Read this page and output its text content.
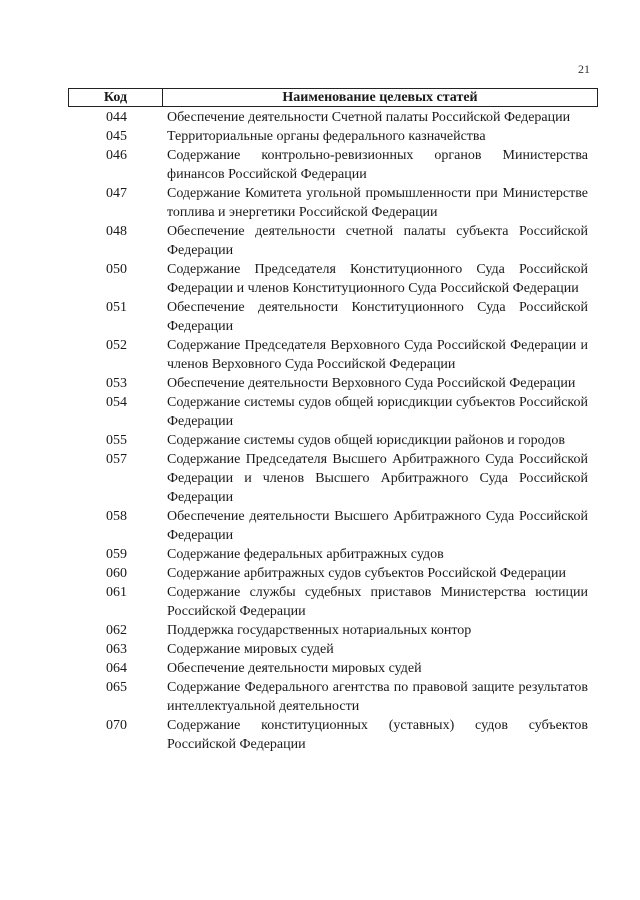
21
Код	Наименование целевых статей
044	Обеспечение деятельности Счетной палаты Российской Федерации
045	Территориальные органы федерального казначейства
046	Содержание контрольно-ревизионных органов Министерства финансов Российской Федерации
047	Содержание Комитета угольной промышленности при Министерстве топлива и энергетики Российской Федерации
048	Обеспечение деятельности счетной палаты субъекта Российской Федерации
050	Содержание Председателя Конституционного Суда Российской Федерации и членов Конституционного Суда Российской Федерации
051	Обеспечение деятельности Конституционного Суда Российской Федерации
052	Содержание Председателя Верховного Суда Российской Федерации и членов Верховного Суда Российской Федерации
053	Обеспечение деятельности Верховного Суда Российской Федерации
054	Содержание системы судов общей юрисдикции субъектов Российской Федерации
055	Содержание системы судов общей юрисдикции районов и городов
057	Содержание Председателя Высшего Арбитражного Суда Российской Федерации и членов Высшего Арбитражного Суда Российской Федерации
058	Обеспечение деятельности Высшего Арбитражного Суда Российской Федерации
059	Содержание федеральных арбитражных судов
060	Содержание арбитражных судов субъектов Российской Федерации
061	Содержание службы судебных приставов Министерства юстиции Российской Федерации
062	Поддержка государственных нотариальных контор
063	Содержание мировых судей
064	Обеспечение деятельности мировых судей
065	Содержание Федерального агентства по правовой защите результатов интеллектуальной деятельности
070	Содержание конституционных (уставных) судов субъектов Российской Федерации
